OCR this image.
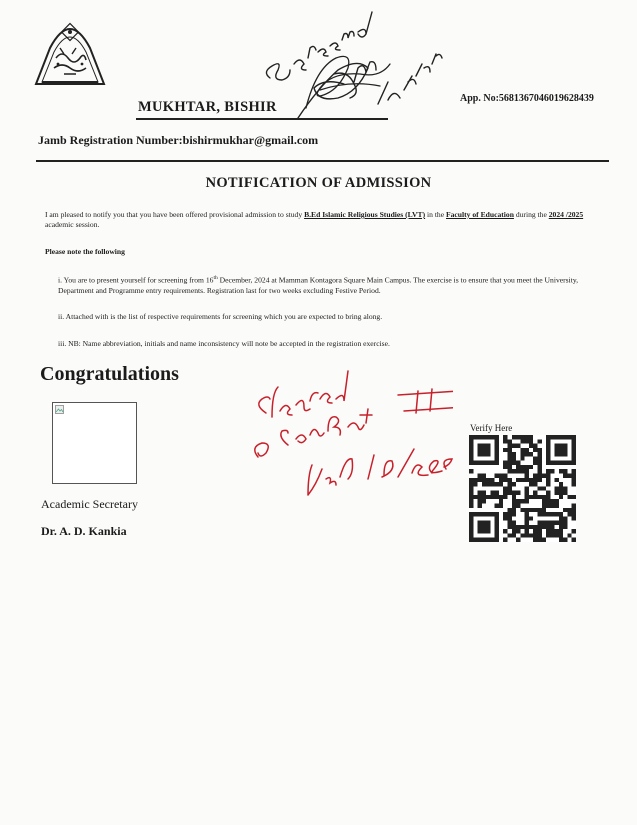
MUKHTAR, BISHIR
App. No:5681367046019628439
Jamb Registration Number:bishirmukhar@gmail.com
NOTIFICATION OF ADMISSION
I am pleased to notify you that you have been offered provisional admission to study B.Ed Islamic Religious Studies (LVT) in the Faculty of Education during the 2024 /2025 academic session.
Please note the following
i. You are to present yourself for screening from 16th December, 2024 at Mamman Kontagora Square Main Campus. The exercise is to ensure that you meet the University, Department and Programme entry requirements. Registration last for two weeks excluding Festive Period.
ii. Attached with is the list of respective requirements for screening which you are expected to bring along.
iii. NB: Name abbreviation, initials and name inconsistency will note be accepted in the registration exercise.
Congratulations
Academic Secretary
Dr. A. D. Kankia
Verify Here
